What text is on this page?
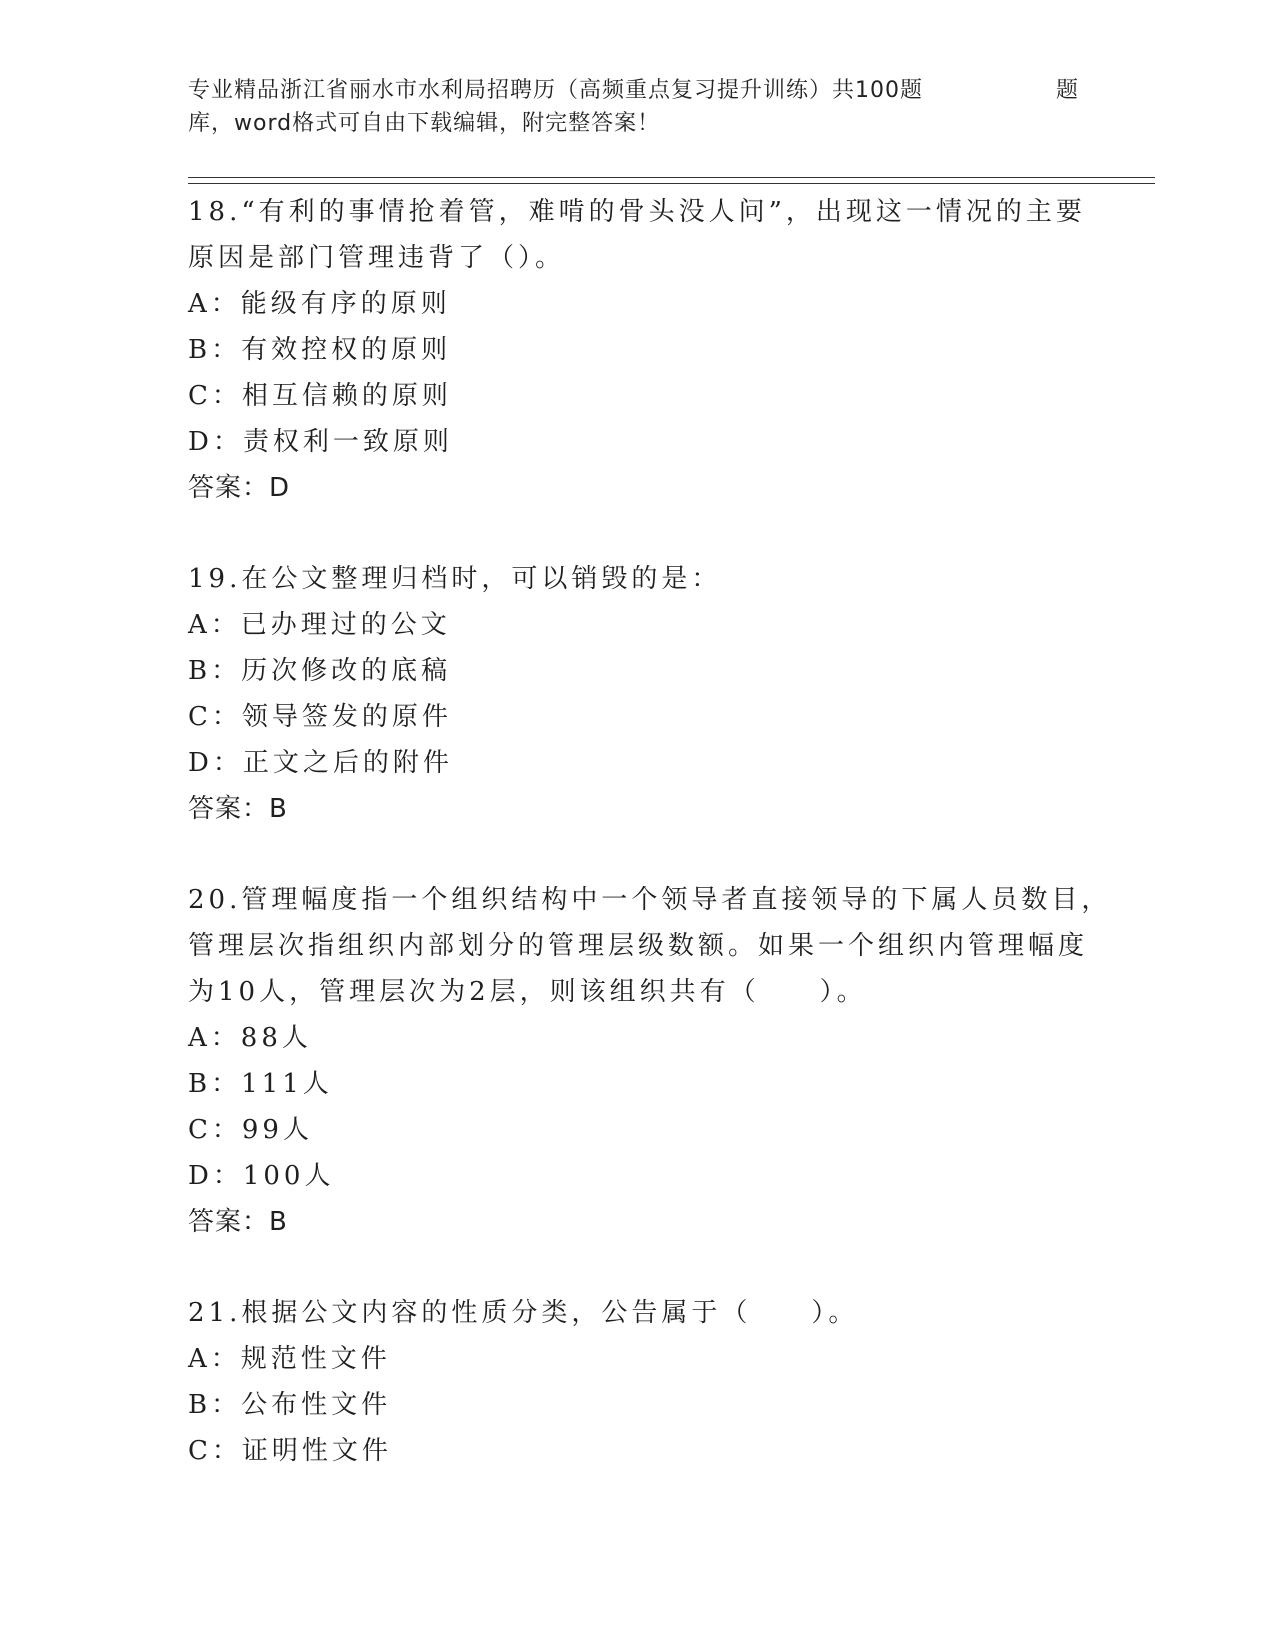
专业精品浙江省丽水市水利局招聘历（高频重点复习提升训练）共100题	题
库，word格式可自由下载编辑，附完整答案！
18.“有利的事情抢着管，难啃的骨头没人问”，出现这一情况的主要
原因是部门管理违背了（）。
A：能级有序的原则
B：有效控权的原则
C：相互信赖的原则
D：责权利一致原则
答案：D
19.在公文整理归档时，可以销毁的是：
A：已办理过的公文
B：历次修改的底稿
C：领导签发的原件
D：正文之后的附件
答案：B
20.管理幅度指一个组织结构中一个领导者直接领导的下属人员数目，
管理层次指组织内部划分的管理层级数额。如果一个组织内管理幅度
为10人，管理层次为2层，则该组织共有（　　）。
A：88人
B：111人
C：99人
D：100人
答案：B
21.根据公文内容的性质分类，公告属于（　　）。
A：规范性文件
B：公布性文件
C：证明性文件
